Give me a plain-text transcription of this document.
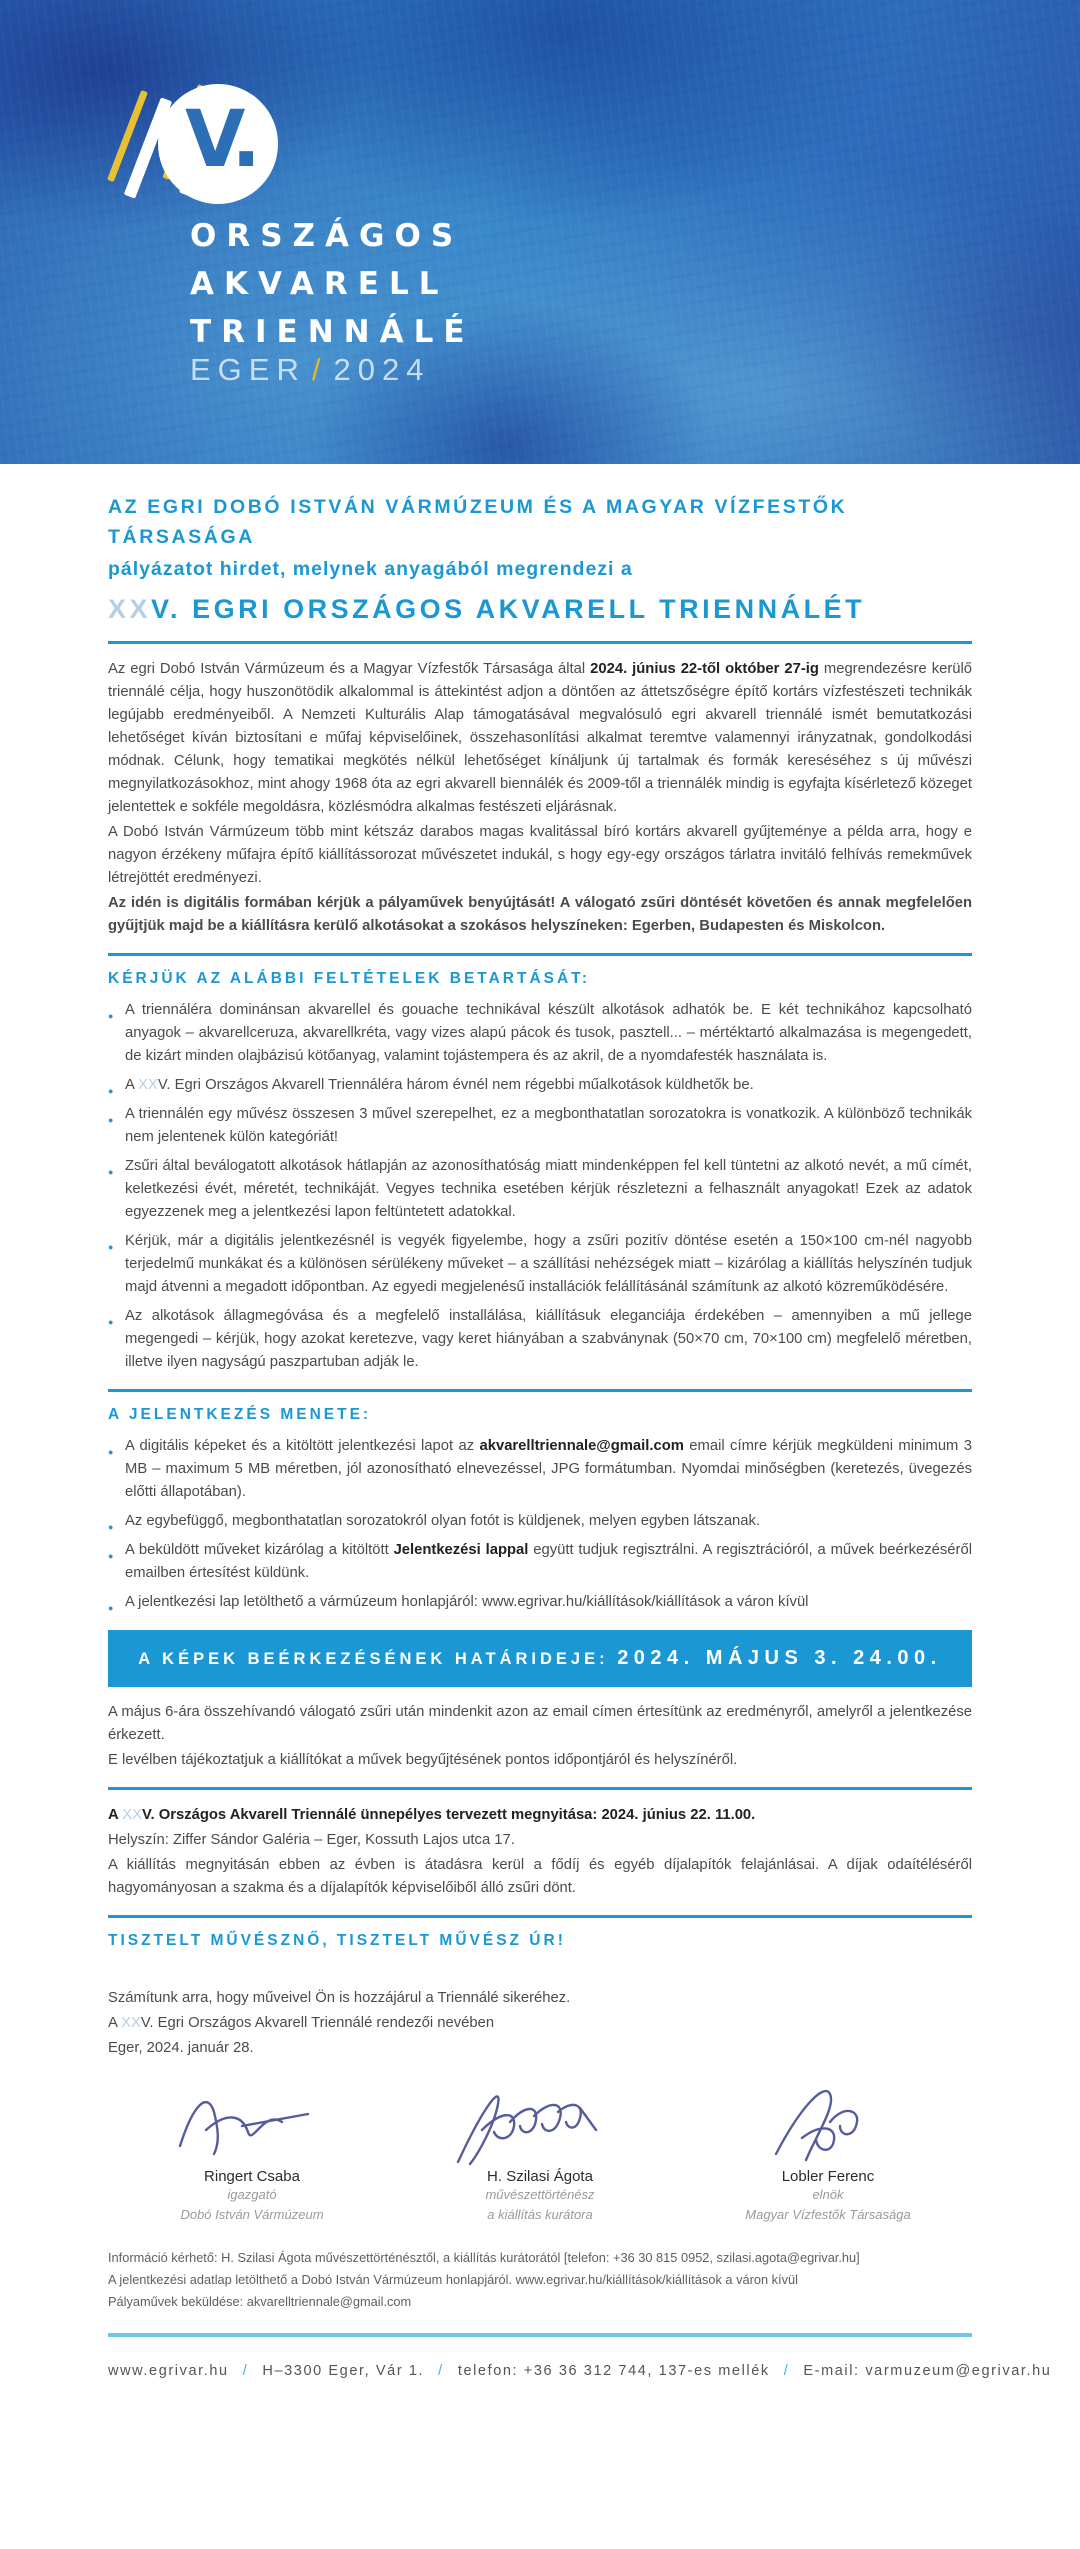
V.
ORSZÁGOS
AKVARELL
TRIENNÁLÉ
EGER / 2024
AZ EGRI DOBÓ ISTVÁN VÁRMÚZEUM ÉS A MAGYAR VÍZFESTŐK TÁRSASÁGA
pályázatot hirdet, melynek anyagából megrendezi a
XXV. EGRI ORSZÁGOS AKVARELL TRIENNÁLÉT

Az egri Dobó István Vármúzeum és a Magyar Vízfestők Társasága által 2024. június 22-től október 27-ig megrendezésre kerülő triennálé célja, hogy huszonötödik alkalommal is áttekintést adjon a döntően az áttetszőségre építő kortárs vízfestészeti technikák legújabb eredményeiből. A Nemzeti Kulturális Alap támogatásával megvalósuló egri akvarell triennálé ismét bemutatkozási lehetőséget kíván biztosítani e műfaj képviselőinek, összehasonlítási alkalmat teremtve valamennyi irányzatnak, gondolkodási módnak. Célunk, hogy tematikai megkötés nélkül lehetőséget kínáljunk új tartalmak és formák kereséséhez s új művészi megnyilatkozásokhoz, mint ahogy 1968 óta az egri akvarell biennálék és 2009-től a triennálék mindig is egyfajta kísérletező közeget jelentettek e sokféle megoldásra, közlésmódra alkalmas festészeti eljárásnak.

A Dobó István Vármúzeum több mint kétszáz darabos magas kvalitással bíró kortárs akvarell gyűjteménye a példa arra, hogy e nagyon érzékeny műfajra építő kiállítássorozat művészetet indukál, s hogy egy-egy országos tárlatra invitáló felhívás remekművek létrejöttét eredményezi.

Az idén is digitális formában kérjük a pályaművek benyújtását! A válogató zsűri döntését követően és annak megfelelően gyűjtjük majd be a kiállításra kerülő alkotásokat a szokásos helyszíneken: Egerben, Budapesten és Miskolcon.

KÉRJÜK AZ ALÁBBI FELTÉTELEK BETARTÁSÁT:
● A triennáléra dominánsan akvarellel és gouache technikával készült alkotások adhatók be. E két technikához kapcsolható anyagok – akvarellceruza, akvarellkréta, vagy vizes alapú pácok és tusok, pasztell... – mértéktartó alkalmazása is megengedett, de kizárt minden olajbázisú kötőanyag, valamint tojástempera és az akril, de a nyomdafesték használata is.
● A XXV. Egri Országos Akvarell Triennáléra három évnél nem régebbi műalkotások küldhetők be.
● A triennálén egy művész összesen 3 művel szerepelhet, ez a megbonthatatlan sorozatokra is vonatkozik. A különböző technikák nem jelentenek külön kategóriát!
● Zsűri által beválogatott alkotások hátlapján az azonosíthatóság miatt mindenképpen fel kell tüntetni az alkotó nevét, a mű címét, keletkezési évét, méretét, technikáját. Vegyes technika esetében kérjük részletezni a felhasznált anyagokat! Ezek az adatok egyezzenek meg a jelentkezési lapon feltüntetett adatokkal.
● Kérjük, már a digitális jelentkezésnél is vegyék figyelembe, hogy a zsűri pozitív döntése esetén a 150×100 cm-nél nagyobb terjedelmű munkákat és a különösen sérülékeny műveket – a szállítási nehézségek miatt – kizárólag a kiállítás helyszínén tudjuk majd átvenni a megadott időpontban. Az egyedi megjelenésű installációk felállításánál számítunk az alkotó közreműködésére.
● Az alkotások állagmegóvása és a megfelelő installálása, kiállításuk eleganciája érdekében – amennyiben a mű jellege megengedi – kérjük, hogy azokat keretezve, vagy keret hiányában a szabványnak (50×70 cm, 70×100 cm) megfelelő méretben, illetve ilyen nagyságú paszpartuban adják le.
A JELENTKEZÉS MENETE:
● A digitális képeket és a kitöltött jelentkezési lapot az akvarelltriennale@gmail.com email címre kérjük megküldeni minimum 3 MB – maximum 5 MB méretben, jól azonosítható elnevezéssel, JPG formátumban. Nyomdai minőségben (keretezés, üvegezés előtti állapotában).
● Az egybefüggő, megbonthatatlan sorozatokról olyan fotót is küldjenek, melyen egyben látszanak.
● A beküldött műveket kizárólag a kitöltött Jelentkezési lappal együtt tudjuk regisztrálni. A regisztrációról, a művek beérkezéséről emailben értesítést küldünk.
● A jelentkezési lap letölthető a vármúzeum honlapjáról: www.egrivar.hu/kiállítások/kiállítások a váron kívül
A KÉPEK BEÉRKEZÉSÉNEK HATÁRIDEJE: 2024. MÁJUS 3. 24.00.

A május 6-ára összehívandó válogató zsűri után mindenkit azon az email címen értesítünk az eredményről, amelyről a jelentkezése érkezett.

E levélben tájékoztatjuk a kiállítókat a művek begyűjtésének pontos időpontjáról és helyszínéről.

A XXV. Országos Akvarell Triennálé ünnepélyes tervezett megnyitása: 2024. június 22. 11.00.

Helyszín: Ziffer Sándor Galéria – Eger, Kossuth Lajos utca 17.

A kiállítás megnyitásán ebben az évben is átadásra kerül a fődíj és egyéb díjalapítók felajánlásai. A díjak odaítéléséről hagyományosan a szakma és a díjalapítók képviselőiből álló zsűri dönt.

TISZTELT MŰVÉSZNŐ, TISZTELT MŰVÉSZ ÚR!

Számítunk arra, hogy műveivel Ön is hozzájárul a Triennálé sikeréhez.

A XXV. Egri Országos Akvarell Triennálé rendezői nevében

Eger, 2024. január 28.

Ringert Csaba
igazgató
Dobó István Vármúzeum
H. Szilasi Ágota
művészettörténész
a kiállítás kurátora
Lobler Ferenc
elnök
Magyar Vízfestők Társasága
Információ kérhető: H. Szilasi Ágota művészettörténésztől, a kiállítás kurátorától [telefon: +36 30 815 0952, szilasi.agota@egrivar.hu]
A jelentkezési adatlap letölthető a Dobó István Vármúzeum honlapjáról. www.egrivar.hu/kiállítások/kiállítások a váron kívül
Pályaművek beküldése: akvarelltriennale@gmail.com
www.egrivar.hu / H–3300 Eger, Vár 1. / telefon: +36 36 312 744, 137-es mellék / E-mail: varmuzeum@egrivar.hu
